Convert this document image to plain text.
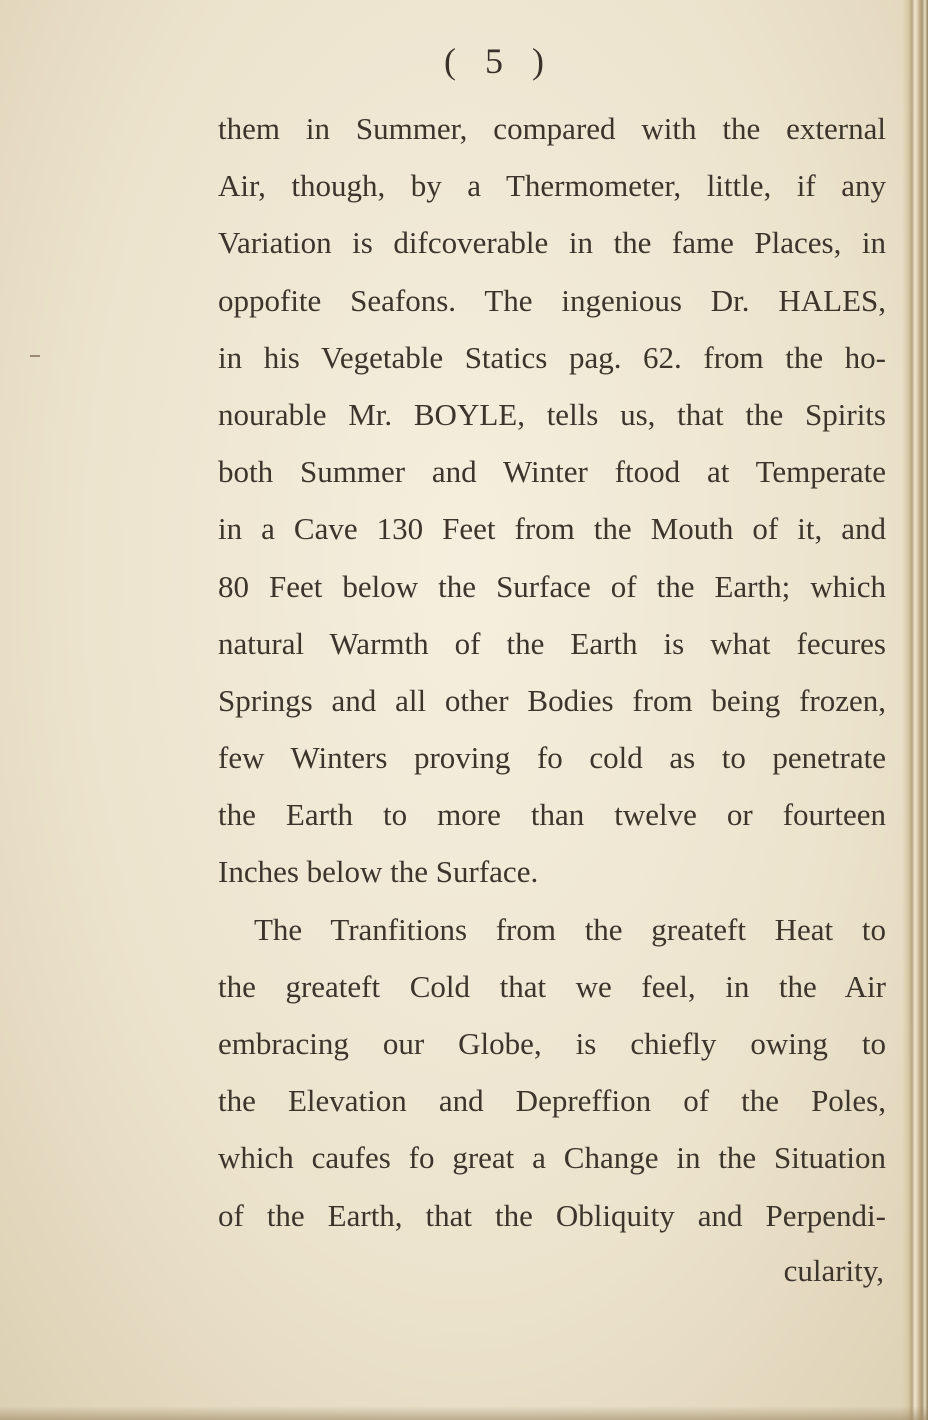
( 5 )
them in Summer, compared with the external
Air, though, by a Thermometer, little, if any
Variation is difcoverable in the fame Places, in
oppofite Seafons. The ingenious Dr. HALES,
in his Vegetable Statics pag. 62. from the ho-
nourable Mr. BOYLE, tells us, that the Spirits
both Summer and Winter ftood at Temperate
in a Cave 130 Feet from the Mouth of it, and
80 Feet below the Surface of the Earth; which
natural Warmth of the Earth is what fecures
Springs and all other Bodies from being frozen,
few Winters proving fo cold as to penetrate
the Earth to more than twelve or fourteen
Inches below the Surface.
The Tranfitions from the greateft Heat to
the greateft Cold that we feel, in the Air
embracing our Globe, is chiefly owing to
the Elevation and Depreffion of the Poles,
which caufes fo great a Change in the Situation
of the Earth, that the Obliquity and Perpendi-
cularity,
